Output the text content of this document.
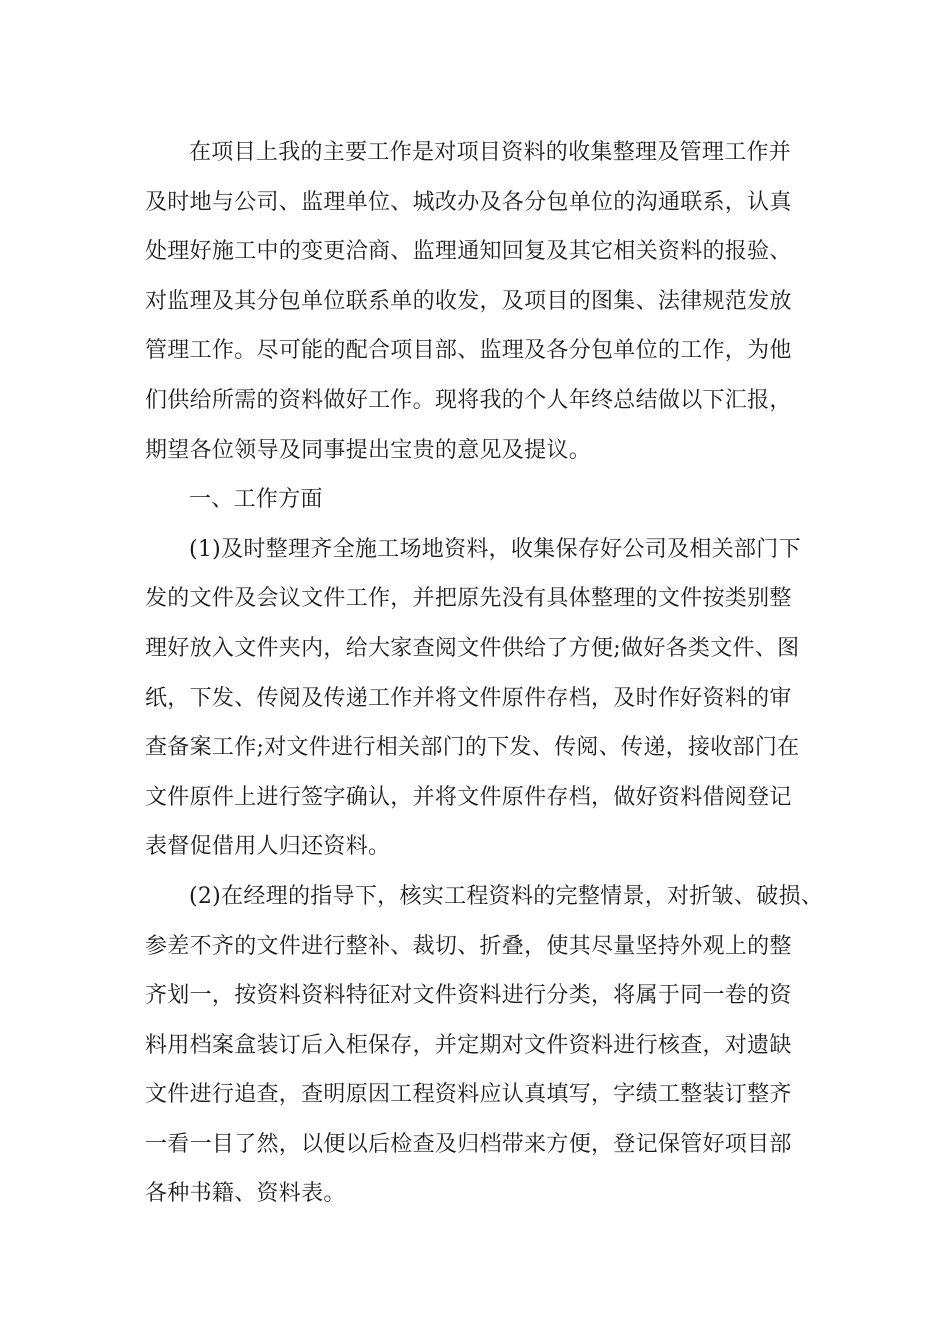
在项目上我的主要工作是对项目资料的收集整理及管理工作并
及时地与公司、监理单位、城改办及各分包单位的沟通联系，认真
处理好施工中的变更洽商、监理通知回复及其它相关资料的报验、
对监理及其分包单位联系单的收发，及项目的图集、法律规范发放
管理工作。尽可能的配合项目部、监理及各分包单位的工作，为他
们供给所需的资料做好工作。现将我的个人年终总结做以下汇报，
期望各位领导及同事提出宝贵的意见及提议。
一、工作方面
(1)及时整理齐全施工场地资料，收集保存好公司及相关部门下
发的文件及会议文件工作，并把原先没有具体整理的文件按类别整
理好放入文件夹内，给大家查阅文件供给了方便;做好各类文件、图
纸，下发、传阅及传递工作并将文件原件存档，及时作好资料的审
查备案工作;对文件进行相关部门的下发、传阅、传递，接收部门在
文件原件上进行签字确认，并将文件原件存档，做好资料借阅登记
表督促借用人归还资料。
(2)在经理的指导下，核实工程资料的完整情景，对折皱、破损、
参差不齐的文件进行整补、裁切、折叠，使其尽量坚持外观上的整
齐划一，按资料资料特征对文件资料进行分类，将属于同一卷的资
料用档案盒装订后入柜保存，并定期对文件资料进行核查，对遗缺
文件进行追查，查明原因工程资料应认真填写，字绩工整装订整齐
一看一目了然，以便以后检查及归档带来方便，登记保管好项目部
各种书籍、资料表。
